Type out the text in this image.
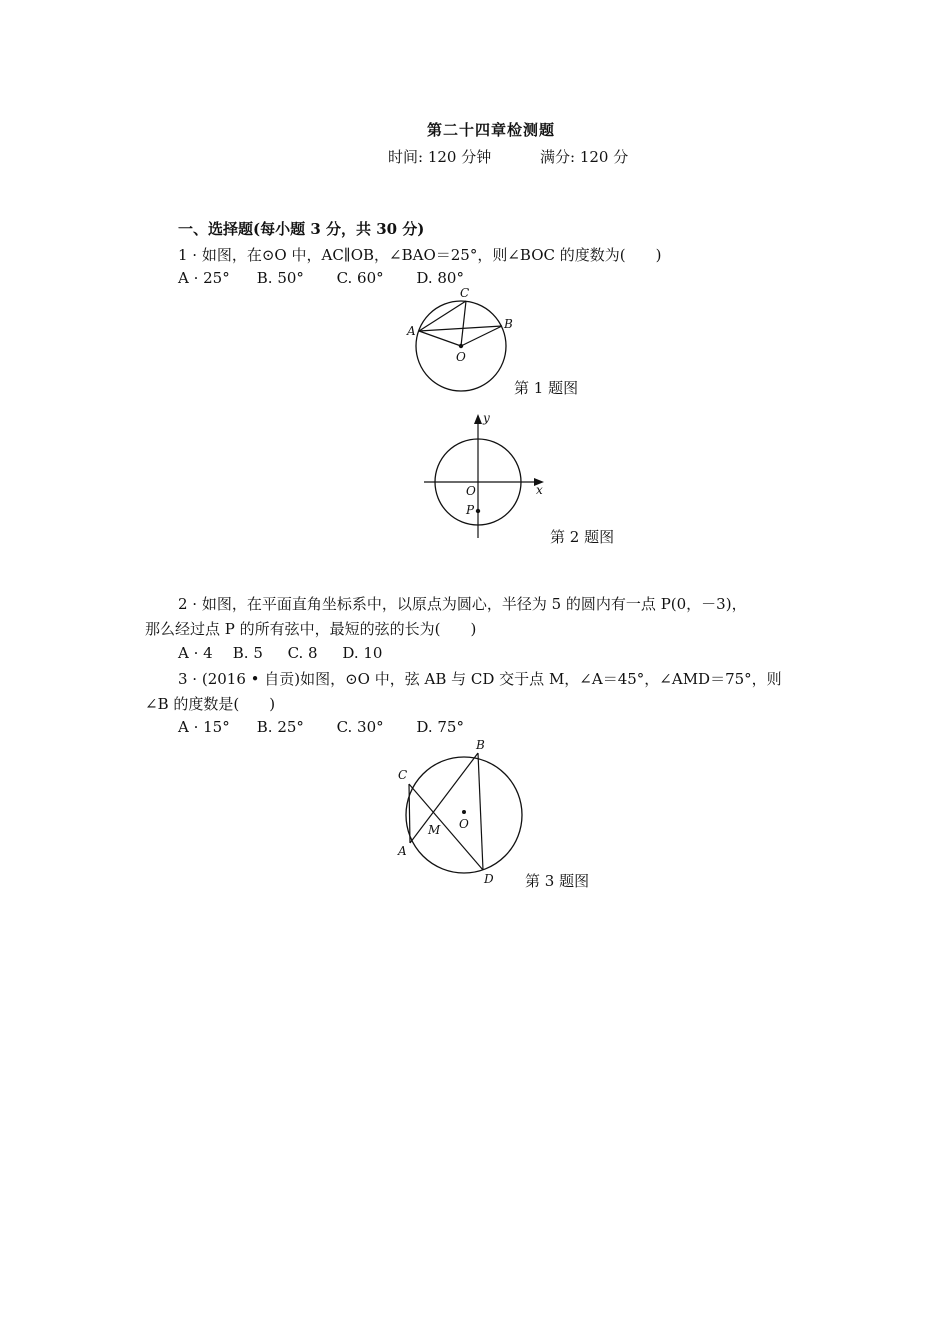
第二十四章检测题
时间: 120 分钟	满分: 120 分
一、选择题(每小题 3 分，共 30 分)
1 · 如图，在⊙O 中，AC∥OB，∠BAO＝25°，则∠BOC 的度数为(　　)
A · 25° B. 50° C. 60° D. 80°
A	B
C
O
第 1 题图
x
y
O
P
第 2 题图
2 · 如图，在平面直角坐标系中，以原点为圆心，半径为 5 的圆内有一点 P(0，－3)，
那么经过点 P 的所有弦中，最短的弦的长为(　　)
A · 4 B. 5 C. 8 D. 10
3 · (2016 • 自贡)如图，⊙O 中，弦 AB 与 CD 交于点 M，∠A＝45°，∠AMD＝75°，则
∠B 的度数是(　　)
A · 15° B. 25° C. 30° D. 75°
A
B
C
D
M O
第 3 题图
